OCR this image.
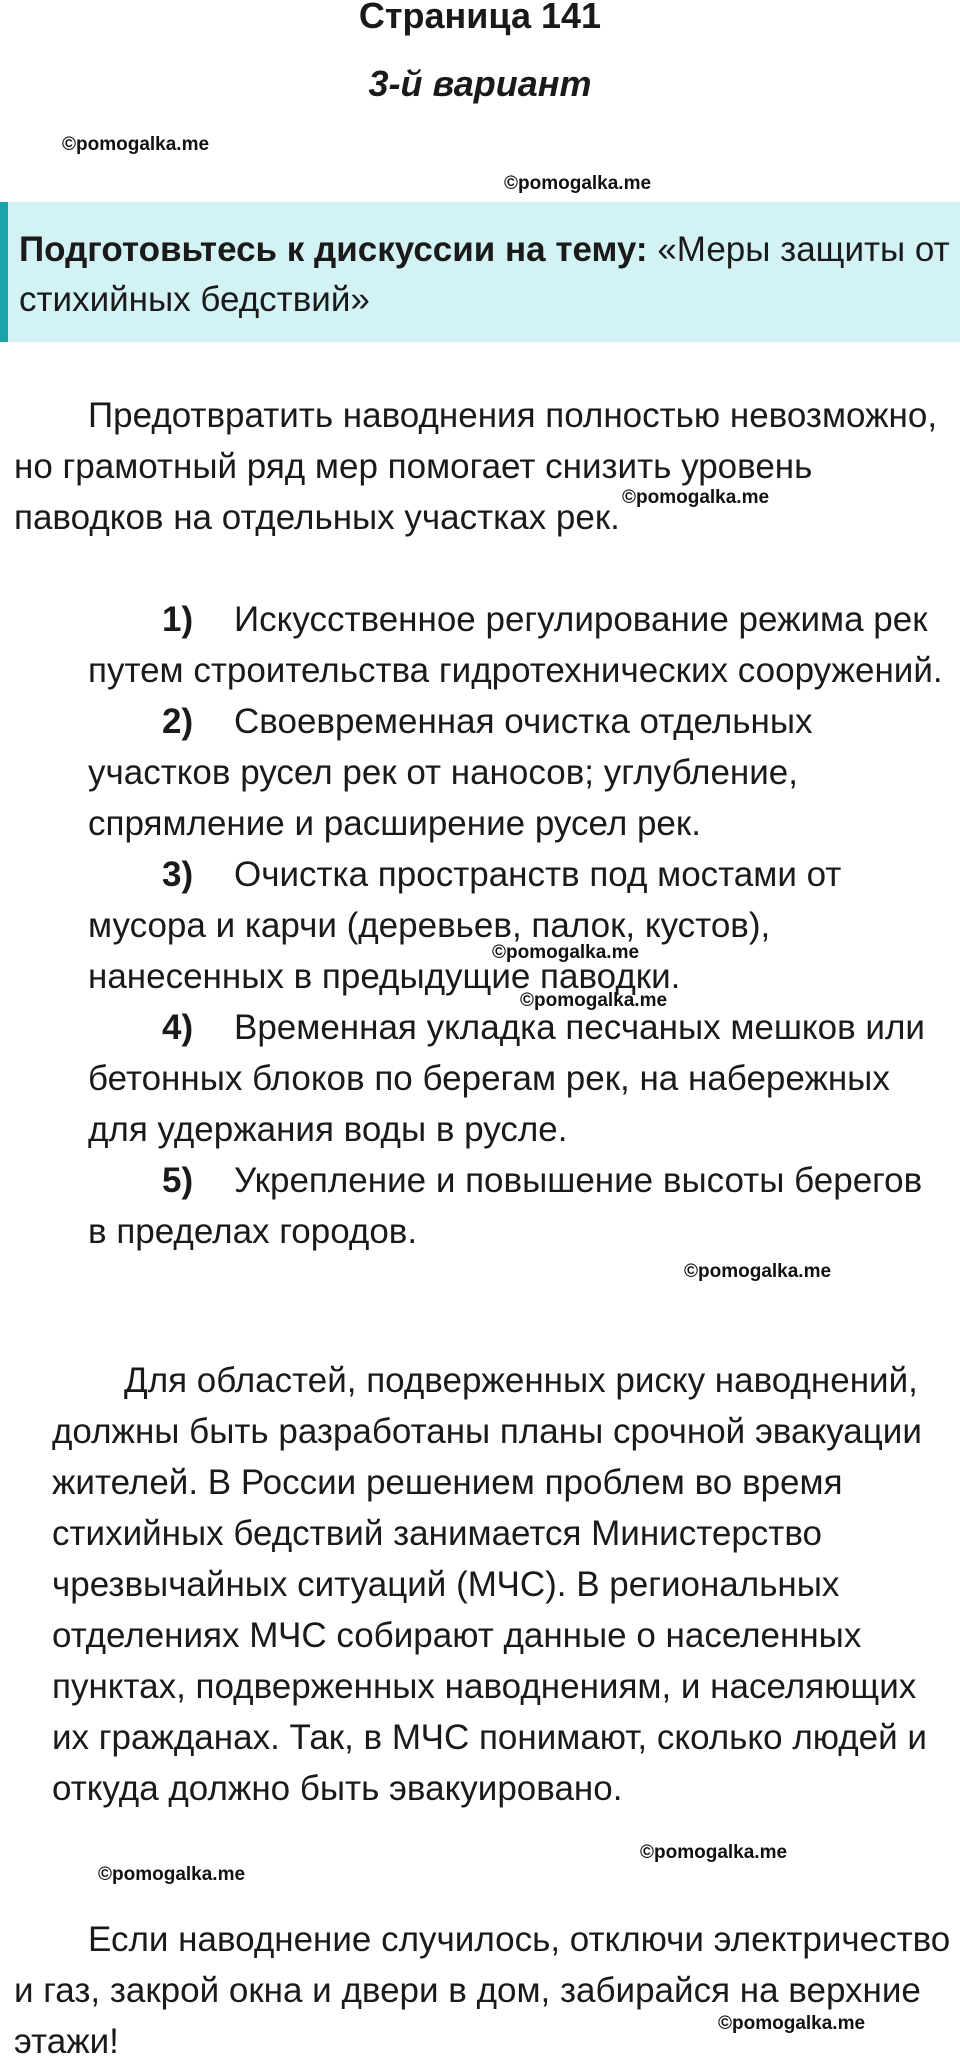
Страница 141
3-й вариант
©pomogalka.me
©pomogalka.me
Подготовьтесь к дискуссии на тему: «Меры защиты от стихийных бедствий»

Предотвратить наводнения полностью невозможно, но грамотный ряд мер помогает снизить уровень паводков на отдельных участках рек.

©pomogalka.me
1) Искусственное регулирование режима рек путем строительства гидротехнических сооружений.
2) Своевременная очистка отдельных участков русел рек от наносов; углубление, спрямление и расширение русел рек.
3) Очистка пространств под мостами от мусора и карчи (деревьев, палок, кустов), нанесенных в предыдущие паводки.
4) Временная укладка песчаных мешков или бетонных блоков по берегам рек, на набережных для удержания воды в русле.
5) Укрепление и повышение высоты берегов в пределах городов.
©pomogalka.me
©pomogalka.me
©pomogalka.me

Для областей, подверженных риску наводнений, должны быть разработаны планы срочной эвакуации жителей. В России решением проблем во время стихийных бедствий занимается Министерство чрезвычайных ситуаций (МЧС). В региональных отделениях МЧС собирают данные о населенных пунктах, подверженных наводнениям, и населяющих их гражданах. Так, в МЧС понимают, сколько людей и откуда должно быть эвакуировано.

©pomogalka.me
©pomogalka.me

Если наводнение случилось, отключи электричество и газ, закрой окна и двери в дом, забирайся на верхние этажи!	©pomogalka.me
